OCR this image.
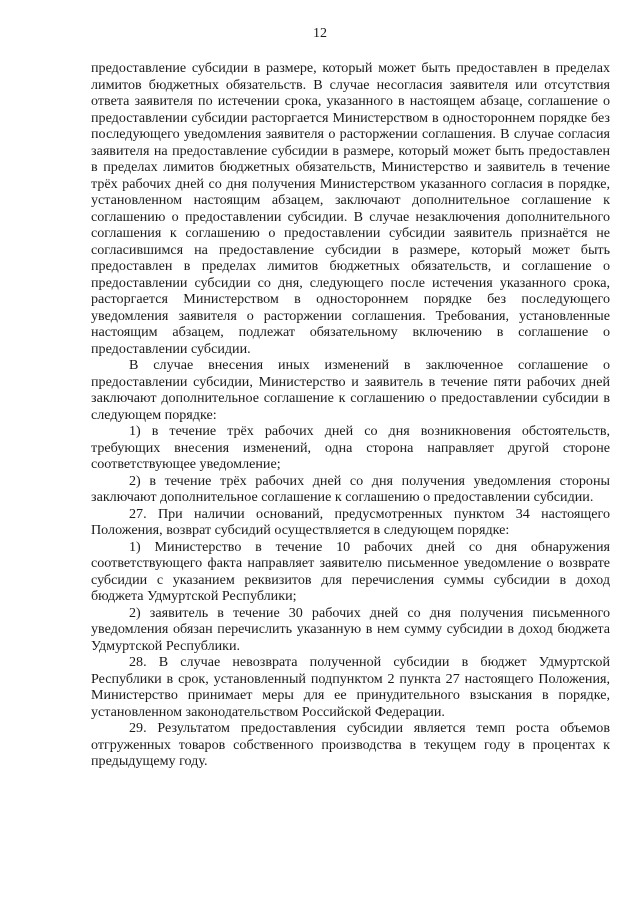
12

предоставление субсидии в размере, который может быть предоставлен в пределах лимитов бюджетных обязательств. В случае несогласия заявителя или отсутствия ответа заявителя по истечении срока, указанного в настоящем абзаце, соглашение о предоставлении субсидии расторгается Министерством в одностороннем порядке без последующего уведомления заявителя о расторжении соглашения. В случае согласия заявителя на предоставление субсидии в размере, который может быть предоставлен в пределах лимитов бюджетных обязательств, Министерство и заявитель в течение трёх рабочих дней со дня получения Министерством указанного согласия в порядке, установленном настоящим абзацем, заключают дополнительное соглашение к соглашению о предоставлении субсидии. В случае незаключения дополнительного соглашения к соглашению о предоставлении субсидии заявитель признаётся не согласившимся на предоставление субсидии в размере, который может быть предоставлен в пределах лимитов бюджетных обязательств, и соглашение о предоставлении субсидии со дня, следующего после истечения указанного срока, расторгается Министерством в одностороннем порядке без последующего уведомления заявителя о расторжении соглашения. Требования, установленные настоящим абзацем, подлежат обязательному включению в соглашение о предоставлении субсидии.

В случае внесения иных изменений в заключенное соглашение о предоставлении субсидии, Министерство и заявитель в течение пяти рабочих дней заключают дополнительное соглашение к соглашению о предоставлении субсидии в следующем порядке:

1) в течение трёх рабочих дней со дня возникновения обстоятельств, требующих внесения изменений, одна сторона направляет другой стороне соответствующее уведомление;

2) в течение трёх рабочих дней со дня получения уведомления стороны заключают дополнительное соглашение к соглашению о предоставлении субсидии.

27. При наличии оснований, предусмотренных пунктом 34 настоящего Положения, возврат субсидий осуществляется в следующем порядке:

1) Министерство в течение 10 рабочих дней со дня обнаружения соответствующего факта направляет заявителю письменное уведомление о возврате субсидии с указанием реквизитов для перечисления суммы субсидии в доход бюджета Удмуртской Республики;

2) заявитель в течение 30 рабочих дней со дня получения письменного уведомления обязан перечислить указанную в нем сумму субсидии в доход бюджета Удмуртской Республики.

28. В случае невозврата полученной субсидии в бюджет Удмуртской Республики в срок, установленный подпунктом 2 пункта 27 настоящего Положения, Министерство принимает меры для ее принудительного взыскания в порядке, установленном законодательством Российской Федерации.

29. Результатом предоставления субсидии является темп роста объемов отгруженных товаров собственного производства в текущем году в процентах к предыдущему году.
